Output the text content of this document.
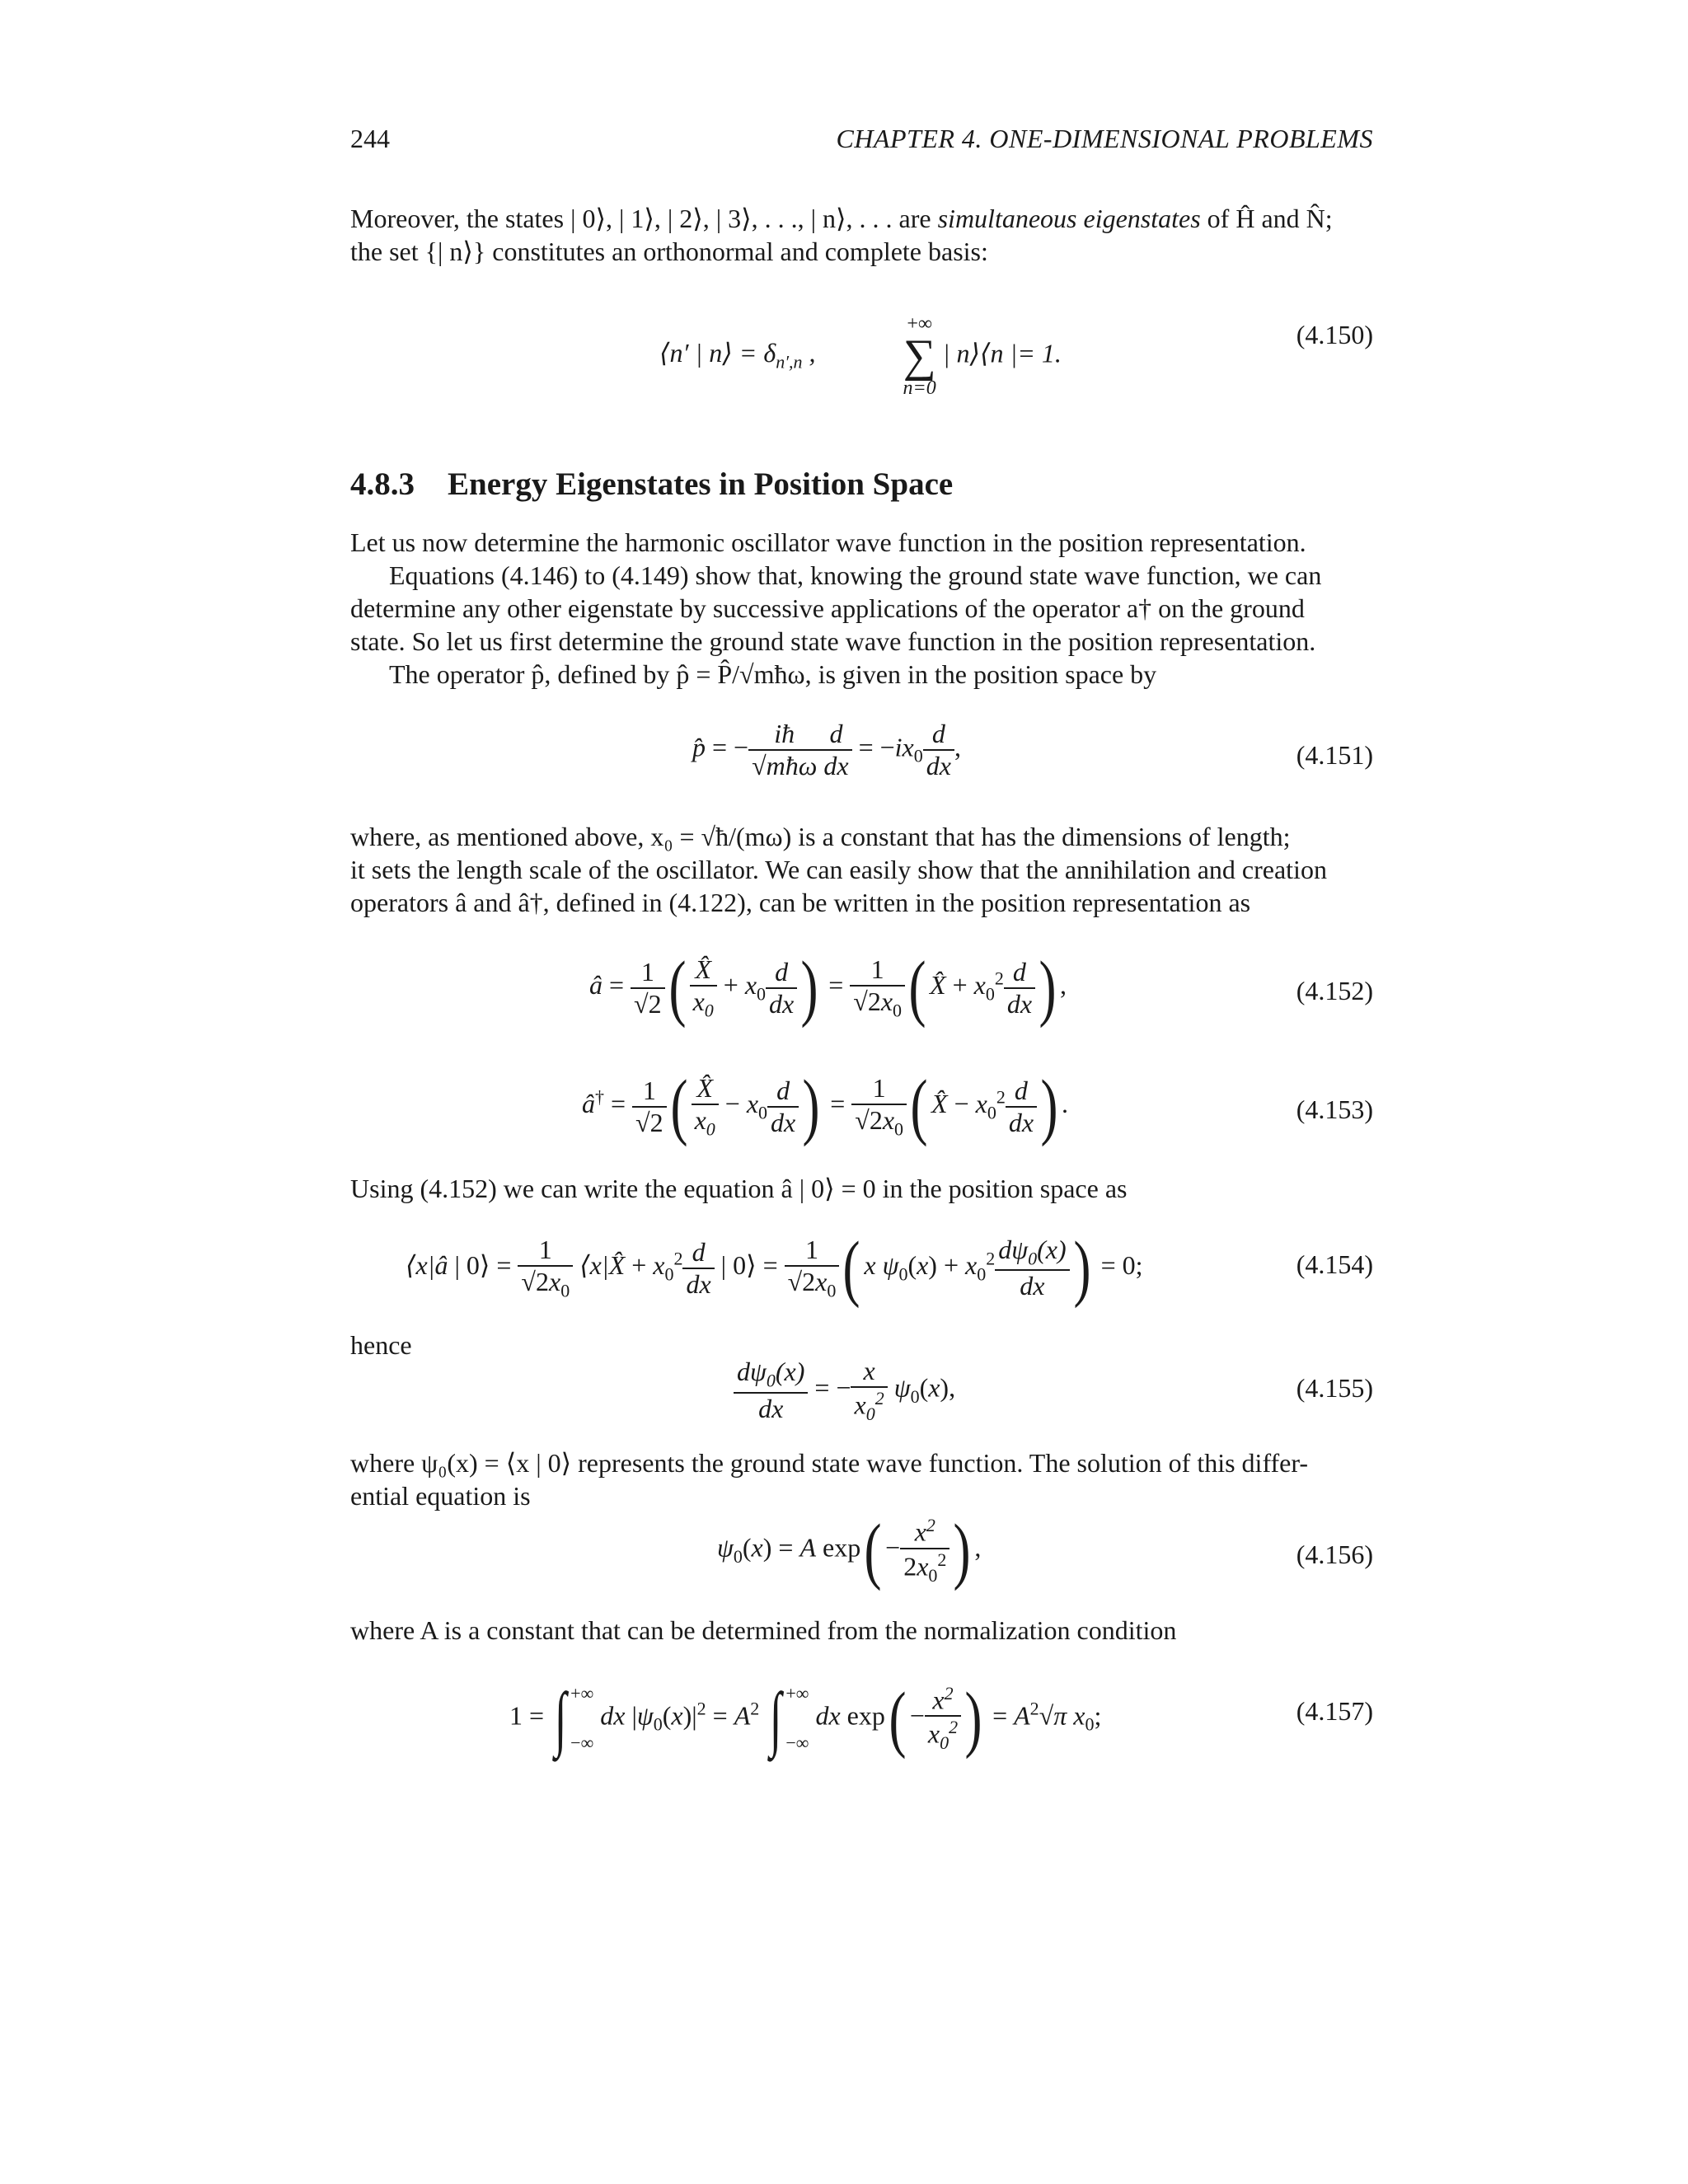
244	CHAPTER 4. ONE-DIMENSIONAL PROBLEMS
Moreover, the states | 0⟩, | 1⟩, | 2⟩, | 3⟩, . . ., | n⟩, . . . are simultaneous eigenstates of Ĥ and N̂;
the set {| n⟩} constitutes an orthonormal and complete basis:
⟨n′ | n⟩ = $\delta_{n',n}$ ,
+∞
∑
n=0
| n⟩⟨n |= 1.
(4.150)
4.8.3 Energy Eigenstates in Position Space
Let us now determine the harmonic oscillator wave function in the position representation.
Equations (4.146) to (4.149) show that, knowing the ground state wave function, we can
determine any other eigenstate by successive applications of the operator a† on the ground
state. So let us first determine the ground state wave function in the position representation.
The operator p̂, defined by p̂ = P̂/√mħω, is given in the position space by
p̂ = − $\frac{iħ}{\text{√mħω}} \frac{d}{dx} = -ix_0 \frac{d}{dx}$ ,	(4.151)
where, as mentioned above, x₀ = √ħ/(mω) is a constant that has the dimensions of length;
it sets the length scale of the oscillator. We can easily show that the annihilation and creation
operators â and â†, defined in (4.122), can be written in the position representation as
â = $\frac{1}{√2}$ ( $\frac{X̂}{x_0} + x_0 \frac{d}{dx}$ ) = $\frac{1}{√2x_0}$ ( X̂ + $x_0^2 \frac{d}{dx}$ ) ,	(4.152)
â† = $\frac{1}{√2}$ ( $\frac{X̂}{x_0} - x_0 \frac{d}{dx}$ ) = $\frac{1}{√2x_0}$ ( X̂ − $x_0^2 \frac{d}{dx}$ ) .	(4.153)
Using (4.152) we can write the equation â | 0⟩ = 0 in the position space as
⟨x|â | 0⟩ = $\frac{1}{√2x_0}$ ⟨x|X̂ + $x_0^2 \frac{d}{dx}$ | 0⟩ = $\frac{1}{√2x_0}$ ( x $\psi_0(x) + x_0^2 \frac{d\psi_0(x)}{dx}$ ) = 0;	(4.154)
hence
$\frac{d\psi_0(x)}{dx}$ = − $\frac{x}{x_0^2} \psi_0(x)$,	(4.155)
where ψ₀(x) = ⟨x | 0⟩ represents the ground state wave function. The solution of this differ-
ential equation is
$\psi_0(x) = A$ $\exp( - \frac{x^2}{2x_0^2}$ ) ,	(4.156)
where A is a constant that can be determined from the normalization condition
1 = ∫ +∞
−∞
dx $|\psi_0(x)|^2 = A^2$ ∫ +∞
−∞
dx $\exp( - \frac{x^2}{x_0^2}$ ) = $A^2√\pi$ $x_0$;	(4.157)
